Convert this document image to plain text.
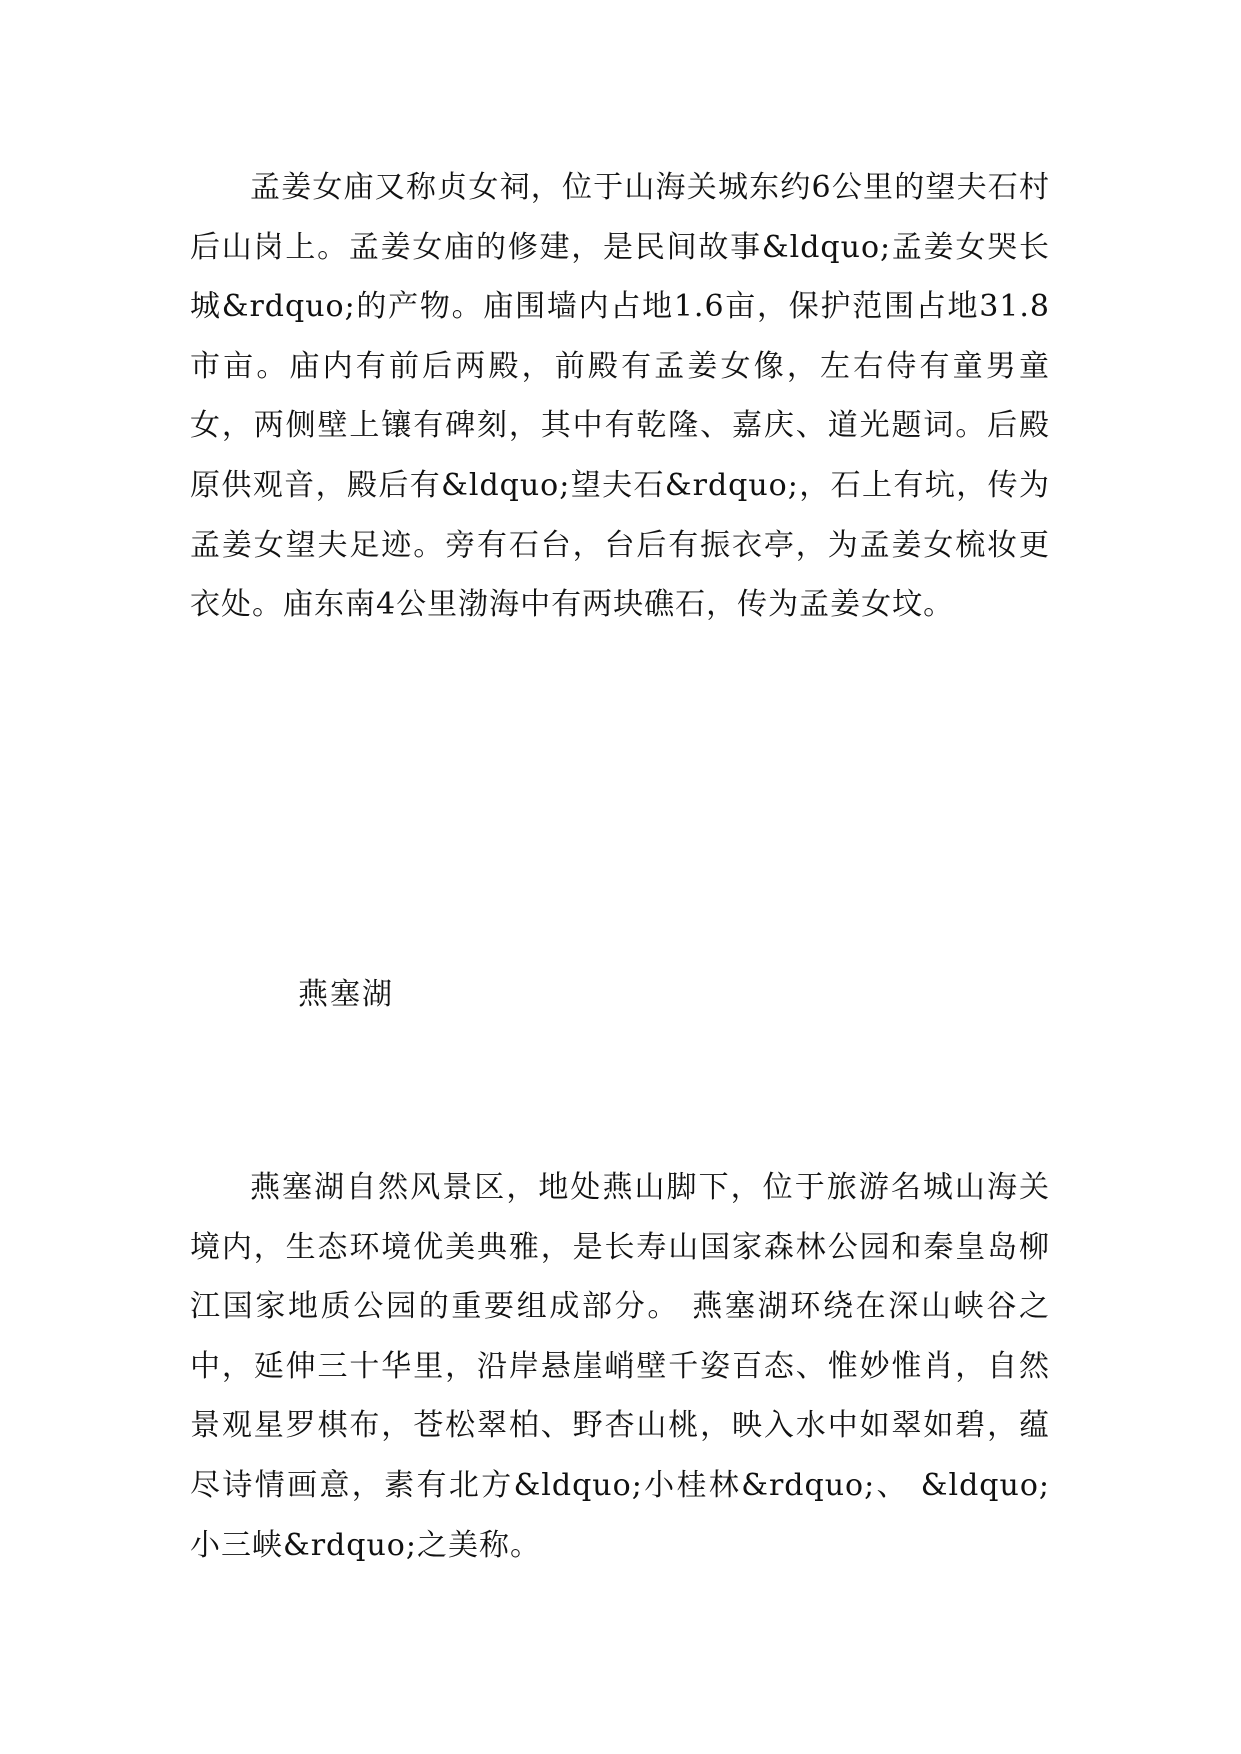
孟姜女庙又称贞女祠，位于山海关城东约6公里的望夫石村后山岗上。孟姜女庙的修建，是民间故事&ldquo;孟姜女哭长城&rdquo;的产物。庙围墙内占地1.6亩，保护范围占地31.8市亩。庙内有前后两殿，前殿有孟姜女像，左右侍有童男童女，两侧壁上镶有碑刻，其中有乾隆、嘉庆、道光题词。后殿原供观音，殿后有&ldquo;望夫石&rdquo;，石上有坑，传为孟姜女望夫足迹。旁有石台，台后有振衣亭，为孟姜女梳妆更衣处。庙东南4公里渤海中有两块礁石，传为孟姜女坟。

燕塞湖

燕塞湖自然风景区，地处燕山脚下，位于旅游名城山海关境内，生态环境优美典雅，是长寿山国家森林公园和秦皇岛柳江国家地质公园的重要组成部分。 燕塞湖环绕在深山峡谷之中，延伸三十华里，沿岸悬崖峭壁千姿百态、惟妙惟肖，自然景观星罗棋布，苍松翠柏、野杏山桃，映入水中如翠如碧，蕴尽诗情画意，素有北方&ldquo;小桂林&rdquo;、 &ldquo;小三峡&rdquo;之美称。
